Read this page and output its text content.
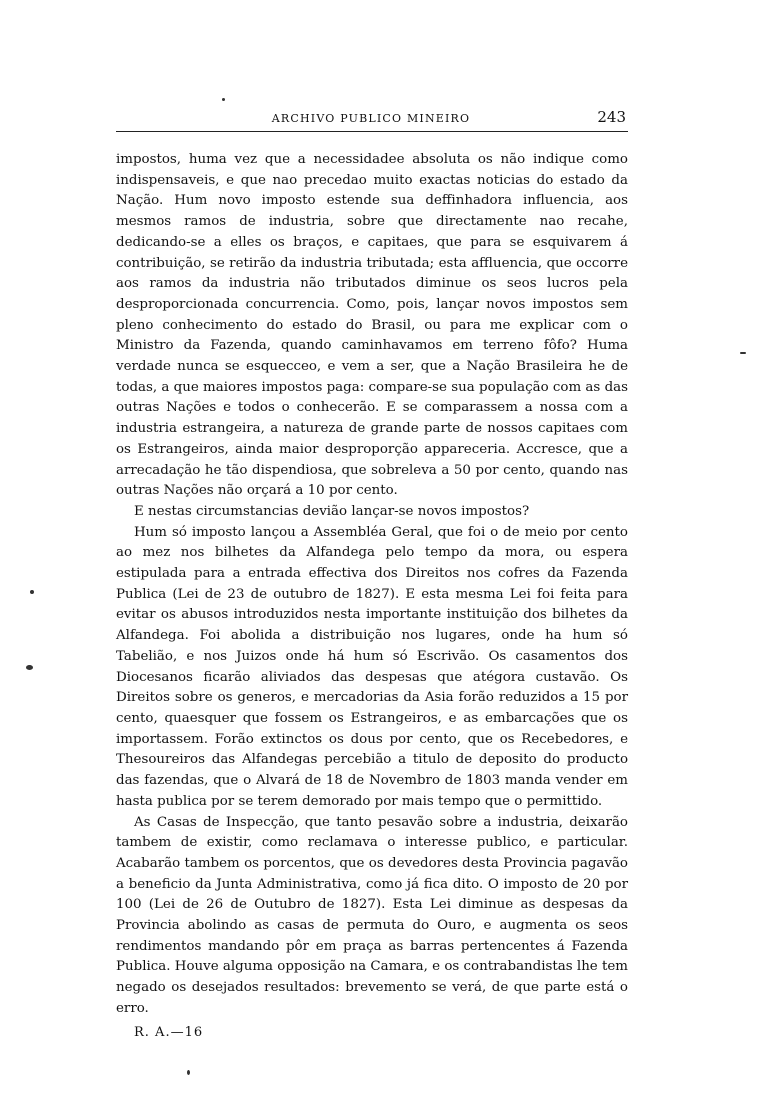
ARCHIVO PUBLICO MINEIRO	243

impostos, huma vez que a necessidadee absoluta os não indique como indispensaveis, e que nao precedao muito exactas noticias do estado da Nação. Hum novo imposto estende sua deffinhadora influencia, aos mesmos ramos de industria, sobre que directamente nao recahe, dedicando-se a elles os braços, e capitaes, que para se esquivarem á contribuição, se retirão da industria tributada; esta affluencia, que occorre aos ramos da industria não tributados diminue os seos lucros pela desproporcionada concurrencia. Como, pois, lançar novos impostos sem pleno conhecimento do estado do Brasil, ou para me explicar com o Ministro da Fazenda, quando caminhavamos em terreno fôfo? Huma verdade nunca se esquecceo, e vem a ser, que a Nação Brasileira he de todas, a que maiores impostos paga: compare-se sua população com as das outras Nações e todos o conhecerão. E se comparassem a nossa com a industria estrangeira, a natureza de grande parte de nossos capitaes com os Estrangeiros, ainda maior desproporção appareceria. Accresce, que a arrecadação he tão dispendiosa, que sobreleva a 50 por cento, quando nas outras Nações não orçará a 10 por cento.

E nestas circumstancias devião lançar-se novos impostos?

Hum só imposto lançou a Assembléa Geral, que foi o de meio por cento ao mez nos bilhetes da Alfandega pelo tempo da mora, ou espera estipulada para a entrada effectiva dos Direitos nos cofres da Fazenda Publica (Lei de 23 de outubro de 1827). E esta mesma Lei foi feita para evitar os abusos introduzidos nesta importante instituição dos bilhetes da Alfandega. Foi abolida a distribuição nos lugares, onde ha hum só Tabelião, e nos Juizos onde há hum só Escrivão. Os casamentos dos Diocesanos ficarão aliviados das despesas que atégora custavão. Os Direitos sobre os generos, e mercadorias da Asia forão reduzidos a 15 por cento, quaesquer que fossem os Estrangeiros, e as embarcações que os importassem. Forão extinctos os dous por cento, que os Recebedores, e Thesoureiros das Alfandegas percebião a titulo de deposito do producto das fazendas, que o Alvará de 18 de Novembro de 1803 manda vender em hasta publica por se terem demorado por mais tempo que o permittido.

As Casas de Inspecção, que tanto pesavão sobre a industria, deixarão tambem de existir, como reclamava o interesse publico, e particular. Acabarão tambem os porcentos, que os devedores desta Provincia pagavão a beneficio da Junta Administrativa, como já fica dito. O imposto de 20 por 100 (Lei de 26 de Outubro de 1827). Esta Lei diminue as despesas da Provincia abolindo as casas de permuta do Ouro, e augmenta os seos rendimentos mandando pôr em praça as barras pertencentes á Fazenda Publica. Houve alguma opposição na Camara, e os contrabandistas lhe tem negado os desejados resultados: brevemento se verá, de que parte está o erro.

R. A.—16
